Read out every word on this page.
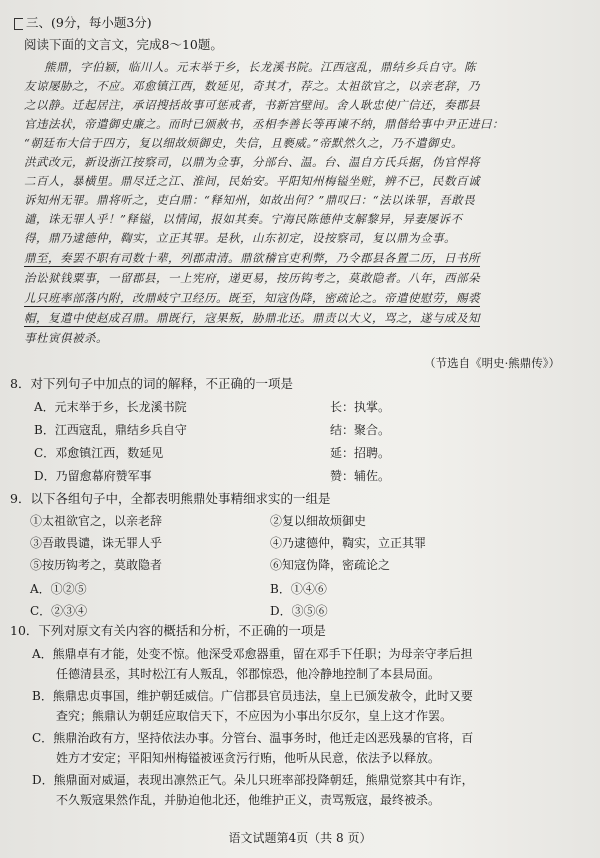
三、(9分，每小题3分)
阅读下面的文言文，完成8～10题。
熊鼎，字伯颖，临川人。元末举于乡，长龙溪书院。江西寇乱，鼎结乡兵自守。陈
友谅屡胁之，不应。邓愈镇江西，数延见，奇其才，荐之。太祖欲官之，以亲老辞，乃
之以静。迁起居注，承诏搜括故事可惩戒者，书新宫壁间。舍人耿忠使广信还，奏郡县
官违法状，帝遣御史廉之。而时已颁赦书，丞相李善长等再谏不纳，鼎偕给事中尹正进曰：
“朝廷布大信于四方，复以细故烦御史，失信，且褻威。”帝默然久之，乃不遣御史。
洪武改元，新设浙江按察司，以鼎为佥事，分部台、温。台、温自方氏兵据，伪官悍将
二百人，暴横里。鼎尽迁之江、淮间，民始安。平阳知州梅镒坐赃，辨不已，民数百诚
诉知州无罪。鼎将听之，吏白鼎：“释知州，如故出何？”鼎叹曰：“法以诛罪，吾敢畏
谴，诛无罪人乎！”释镒，以情闻，报如其奏。宁海民陈德仲支解黎异，异妻屡诉不
得，鼎乃逮德仲，鞫实，立正其罪。是秋，山东初定，设按察司，复以鼎为佥事。
鼎至，奏罢不职有司数十辈，列郡肃清。鼎欲稽官吏利弊，乃令郡县各置二历，日书所
治讼狱钱粟事，一留郡县，一上宪府，递更易，按历钩考之，莫敢隐者。八年，西部朵
儿只班率部落内附，改鼎岐宁卫经历。既至，知寇伪降，密疏论之。帝遣使慰劳，赐裘
帽，复遣中使赵成召鼎。鼎既行，寇果叛，胁鼎北还。鼎责以大义，骂之，遂与成及知
事杜寅俱被杀。
（节选自《明史·熊鼎传》）
8．对下列句子中加点的词的解释，不正确的一项是
A．元末举于乡，长龙溪书院	长：执掌。
B．江西寇乱，鼎结乡兵自守	结：聚合。
C．邓愈镇江西，数延见	延：招聘。
D．乃留愈幕府赞军事	赞：辅佐。
9．以下各组句子中，全都表明熊鼎处事精细求实的一组是
①太祖欲官之，以亲老辞	②复以细故烦御史
③吾敢畏谴，诛无罪人乎	④乃逮德仲，鞫实，立正其罪
⑤按历钩考之，莫敢隐者	⑥知寇伪降，密疏论之
A．①②⑤	B．①④⑥
C．②③④	D．③⑤⑥
10．下列对原文有关内容的概括和分析，不正确的一项是
A．熊鼎卓有才能，处变不惊。他深受邓愈器重，留在邓手下任职；为母亲守孝后担
任德清县丞，其时松江有人叛乱，邻郡惊恐，他冷静地控制了本县局面。
B．熊鼎忠贞事国，维护朝廷威信。广信郡县官员违法，皇上已颁发赦令，此时又要
查究；熊鼎认为朝廷应取信天下，不应因为小事出尔反尔，皇上这才作罢。
C．熊鼎治政有方，坚持依法办事。分管台、温事务时，他迁走凶恶残暴的官将，百
姓方才安定；平阳知州梅镒被诬贪污行贿，他听从民意，依法予以释放。
D．熊鼎面对威逼，表现出凛然正气。朵儿只班率部投降朝廷，熊鼎觉察其中有诈，
不久叛寇果然作乱，并胁迫他北还，他维护正义，责骂叛寇，最终被杀。
语文试题第4页（共 8 页）
